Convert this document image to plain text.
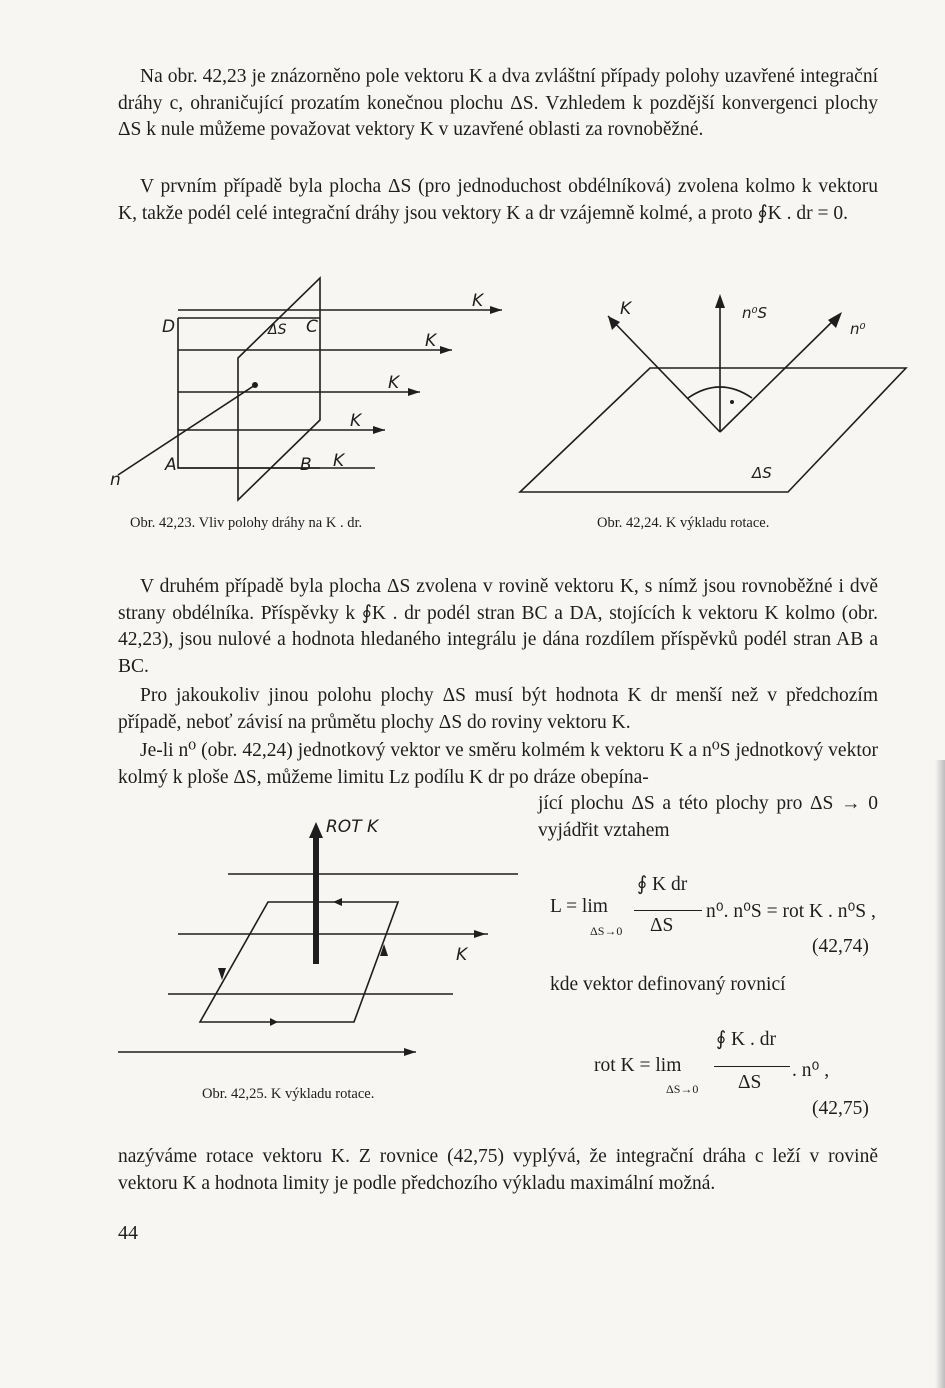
Na obr. 42,23 je znázorněno pole vektoru K a dva zvláštní případy polohy uzavřené integrační dráhy c, ohraničující prozatím konečnou plochu ΔS. Vzhledem k pozdější konvergenci plochy ΔS k nule můžeme považovat vektory K v uzavřené oblasti za rovnoběžné.

V prvním případě byla plocha ΔS (pro jednoduchost obdélníková) zvolena kolmo k vektoru K, takže podél celé integrační dráhy jsou vektory K a dr vzájemně kolmé, a proto ∮K . dr = 0.

D	C
A	B
n
ΔS
K
K
K
K
K
K	n⁰S
n⁰
ΔS
Obr. 42,23. Vliv polohy dráhy na K . dr.	Obr. 42,24. K výkladu rotace.

V druhém případě byla plocha ΔS zvolena v rovině vektoru K, s nímž jsou rovnoběžné i dvě strany obdélníka. Příspěvky k ∮K . dr podél stran BC a DA, stojících k vektoru K kolmo (obr. 42,23), jsou nulové a hodnota hledaného integrálu je dána rozdílem příspěvků podél stran AB a BC.

Pro jakoukoliv jinou polohu plochy ΔS musí být hodnota K dr menší než v předchozím případě, neboť závisí na průmětu plochy ΔS do roviny vektoru K.

Je-li n⁰ (obr. 42,24) jednotkový vektor ve směru kolmém k vektoru K a n⁰S jednotkový vektor kolmý k ploše ΔS, můžeme limitu Lz podílu K dr po dráze obepína-

jící plochu ΔS a této plochy pro ΔS → 0 vyjádřit vztahem

ROT K
K
Obr. 42,25. K výkladu rotace.
L = lim
ΔS→0
∮ K dr
ΔS
n⁰. n⁰S = rot K . n⁰S ,
(42,74)
kde vektor definovaný rovnicí
rot K = lim
ΔS→0
∮ K . dr
ΔS
. n⁰ ,
(42,75)

nazýváme rotace vektoru K. Z rovnice (42,75) vyplývá, že integrační dráha c leží v rovině vektoru K a hodnota limity je podle předchozího výkladu maximální možná.

44
